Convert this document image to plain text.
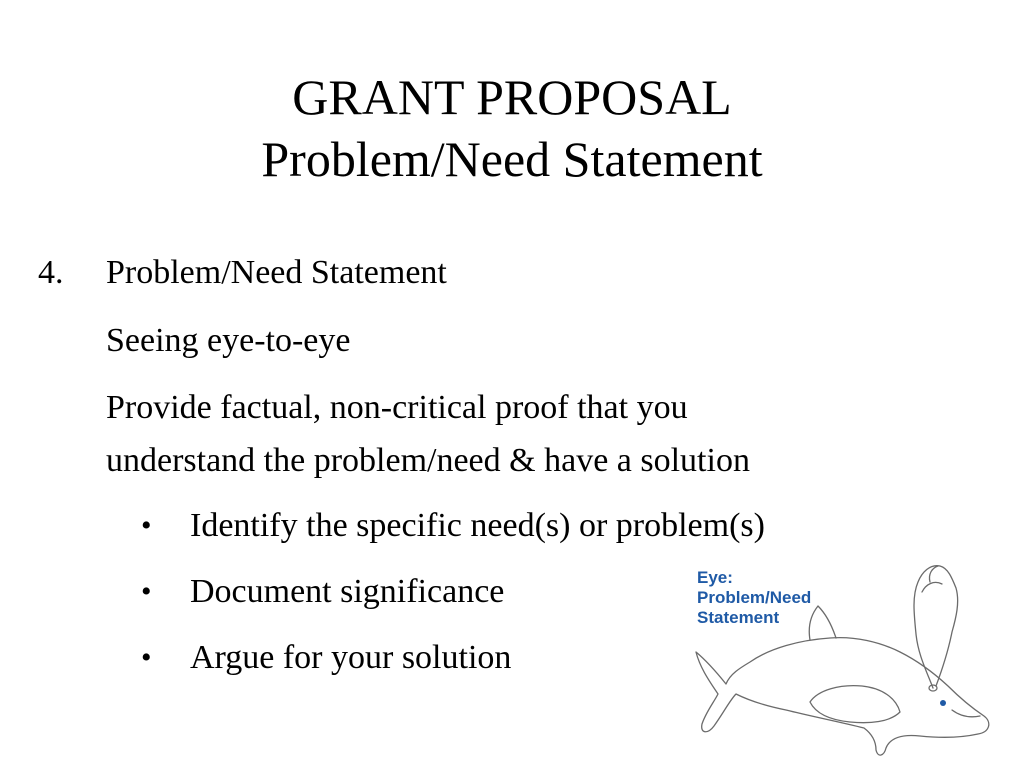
GRANT PROPOSAL
Problem/Need Statement
4. Problem/Need Statement
Seeing eye-to-eye
Provide factual, non-critical proof that you
understand the problem/need & have a solution
• Identify the specific need(s) or problem(s)
• Document significance
• Argue for your solution
Eye:
Problem/Need
Statement
